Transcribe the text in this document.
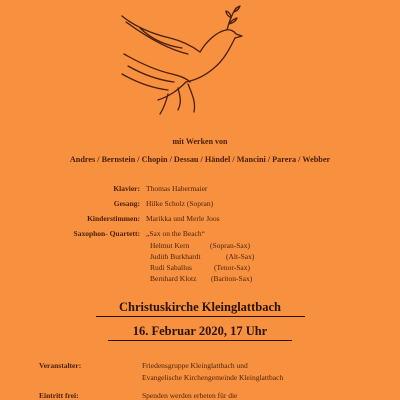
mit Werken von
Andres / Bernstein / Chopin / Dessau / Händel / Mancini / Parera / Webber
Klavier: Thomas Habermaier
Gesang: Hilke Scholz (Sopran)
Kinderstimmen: Marikka und Merle Joos
Saxophon- Quartett: „Sax on the Beach“
Helmut Kern	(Sopran-Sax)
Judith Burkhardt	(Alt-Sax)
Rudi Saballus	(Tenor-Sax)
Bernhard Klotz (Bariton-Sax)
Christuskirche Kleinglattbach
16. Februar 2020, 17 Uhr
Veranstalter:	Friedensgruppe Kleinglattbach und
Evangelische Kirchengemeinde Kleinglattbach
Eintritt frei:	Spenden werden erbeten für die
